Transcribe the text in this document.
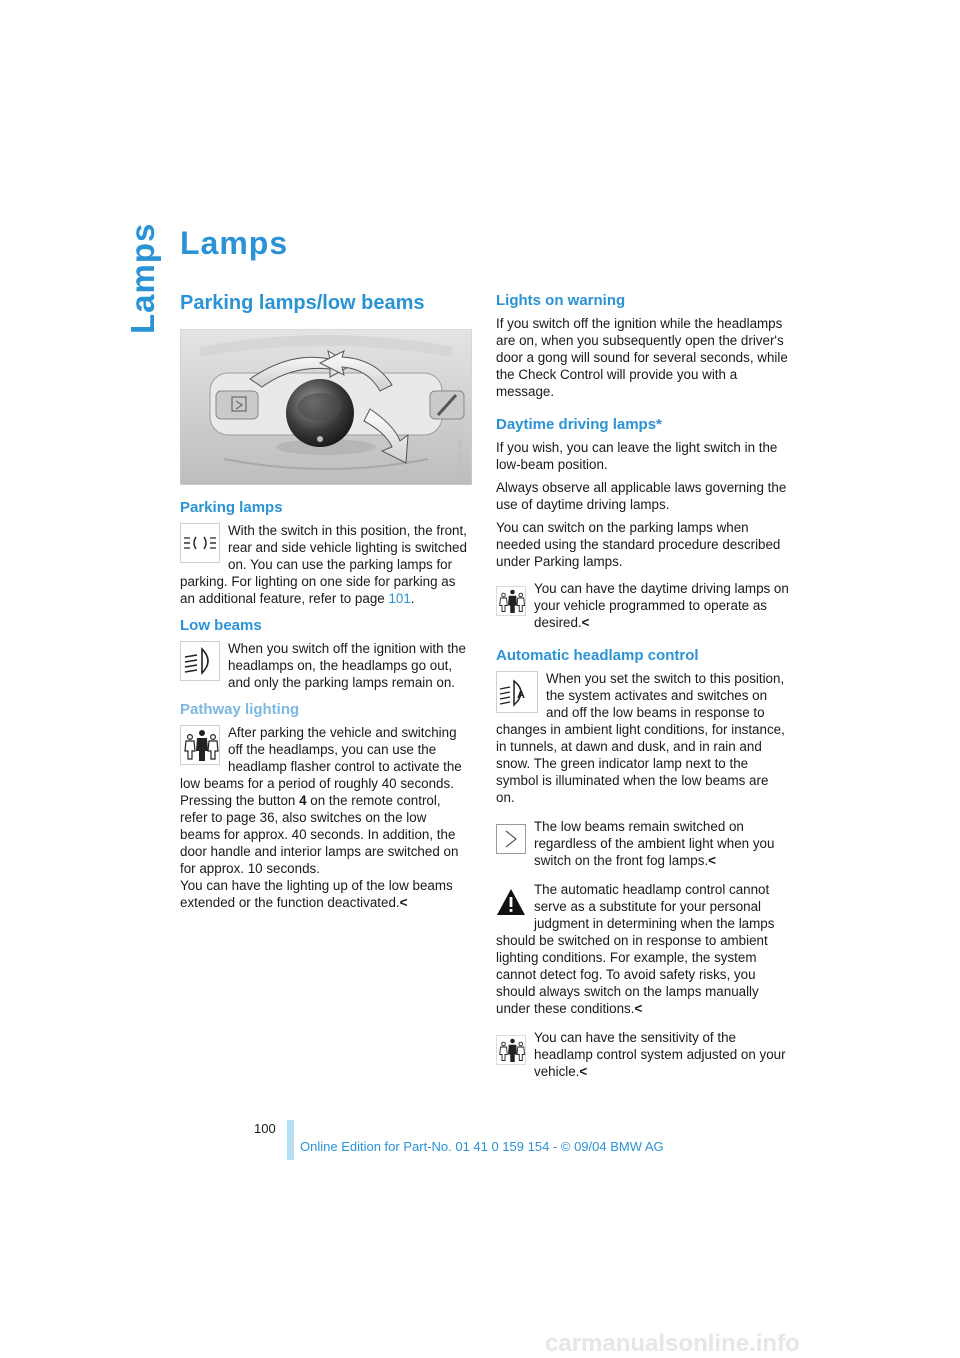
Lamps Lamps
Parking lamps/low beams
W02HMCA4
Parking lamps

With the switch in this position, the front, rear and side vehicle lighting is switched on. You can use the parking lamps for parking. For lighting on one side for parking as an additional feature, refer to page 101.

Low beams

When you switch off the ignition with the headlamps on, the headlamps go out, and only the parking lamps remain on.

Pathway lighting

After parking the vehicle and switching off the headlamps, you can use the headlamp flasher control to activate the low beams for a period of roughly 40 seconds. Pressing the button 4 on the remote control, refer to page 36, also switches on the low beams for approx. 40 seconds. In addition, the door handle and interior lamps are switched on for approx. 10 seconds.
You can have the lighting up of the low beams extended or the function deactivated.<

Lights on warning

If you switch off the ignition while the headlamps are on, when you subsequently open the driver's door a gong will sound for several seconds, while the Check Control will provide you with a message.

Daytime driving lamps*

If you wish, you can leave the light switch in the low-beam position.

Always observe all applicable laws governing the use of daytime driving lamps.

You can switch on the parking lamps when needed using the standard procedure described under Parking lamps.

You can have the daytime driving lamps on your vehicle programmed to operate as desired.<

Automatic headlamp control
A

When you set the switch to this position, the system activates and switches on and off the low beams in response to changes in ambient light conditions, for instance, in tunnels, at dawn and dusk, and in rain and snow. The green indicator lamp next to the symbol is illuminated when the low beams are on.

The low beams remain switched on regardless of the ambient light when you switch on the front fog lamps.<

The automatic headlamp control cannot serve as a substitute for your personal judgment in determining when the lamps should be switched on in response to ambient lighting conditions. For example, the system cannot detect fog. To avoid safety risks, you should always switch on the lamps manually under these conditions.<

You can have the sensitivity of the headlamp control system adjusted on your vehicle.<

100
Online Edition for Part-No. 01 41 0 159 154 - © 09/04 BMW AG
carmanualsonline.info
